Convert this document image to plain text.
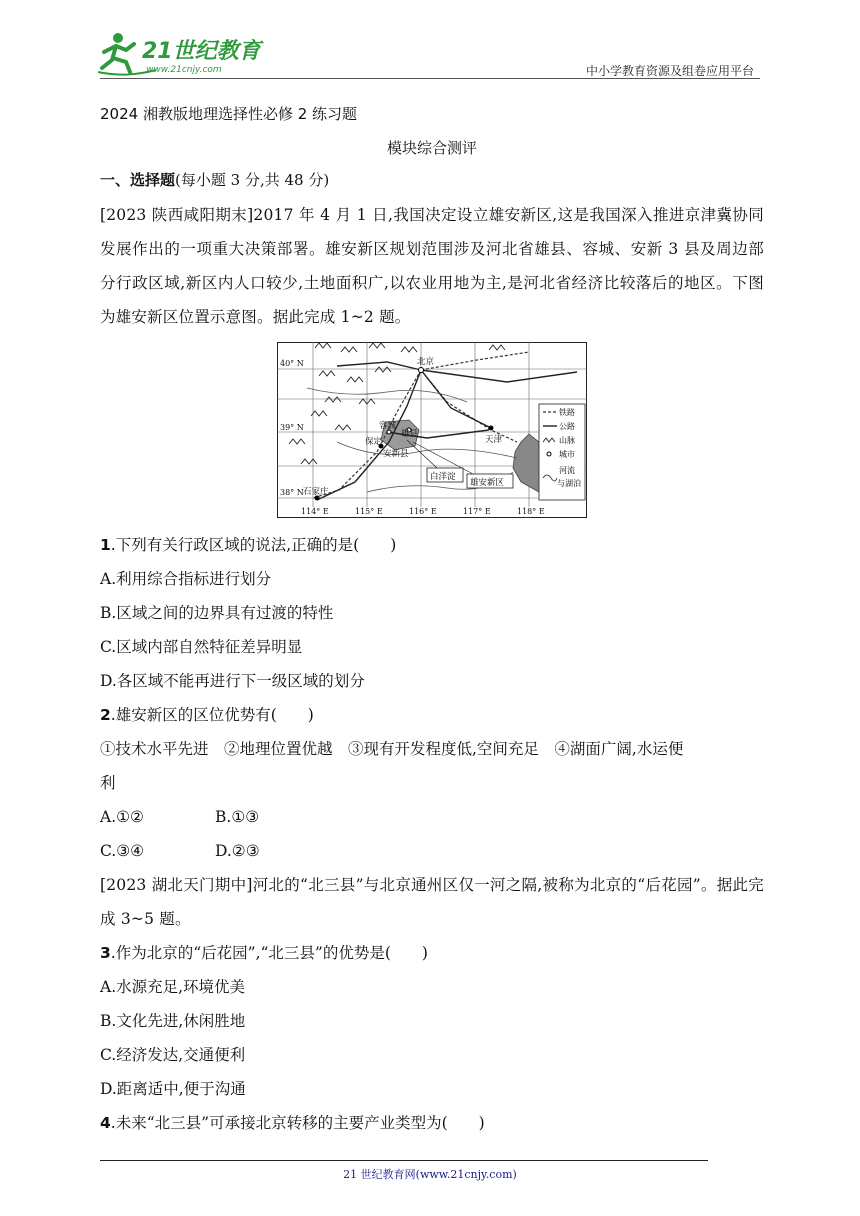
21世纪教育
www.21cnjy.com	中小学教育资源及组卷应用平台

2024 湘教版地理选择性必修 2 练习题

模块综合测评

一、选择题(每小题 3 分,共 48 分)

[2023 陕西咸阳期末]2017 年 4 月 1 日,我国决定设立雄安新区,这是我国深入推进京津冀协同发展作出的一项重大决策部署。雄安新区规划范围涉及河北省雄县、容城、安新 3 县及周边部分行政区域,新区内人口较少,土地面积广,以农业用地为主,是河北省经济比较落后的地区。下图为雄安新区位置示意图。据此完成 1~2 题。

北京
天津
容城
雄县
保定
安新县
石家庄
白洋淀
雄安新区
40° N
39° N
38° N
114° E	115° E	116° E	117° E	118° E
铁路
公路
山脉
城市
河流
与湖泊

1.下列有关行政区域的说法,正确的是(　　)

A.利用综合指标进行划分

B.区域之间的边界具有过渡的特性

C.区域内部自然特征差异明显

D.各区域不能再进行下一级区域的划分

2.雄安新区的区位优势有(　　)

①技术水平先进　②地理位置优越　③现有开发程度低,空间充足　④湖面广阔,水运便

利

A.①②	B.①③

C.③④	D.②③

[2023 湖北天门期中]河北的“北三县”与北京通州区仅一河之隔,被称为北京的“后花园”。据此完成 3~5 题。

3.作为北京的“后花园”,“北三县”的优势是(　　)

A.水源充足,环境优美

B.文化先进,休闲胜地

C.经济发达,交通便利

D.距离适中,便于沟通

4.未来“北三县”可承接北京转移的主要产业类型为(　　)

21 世纪教育网(www.21cnjy.com)
